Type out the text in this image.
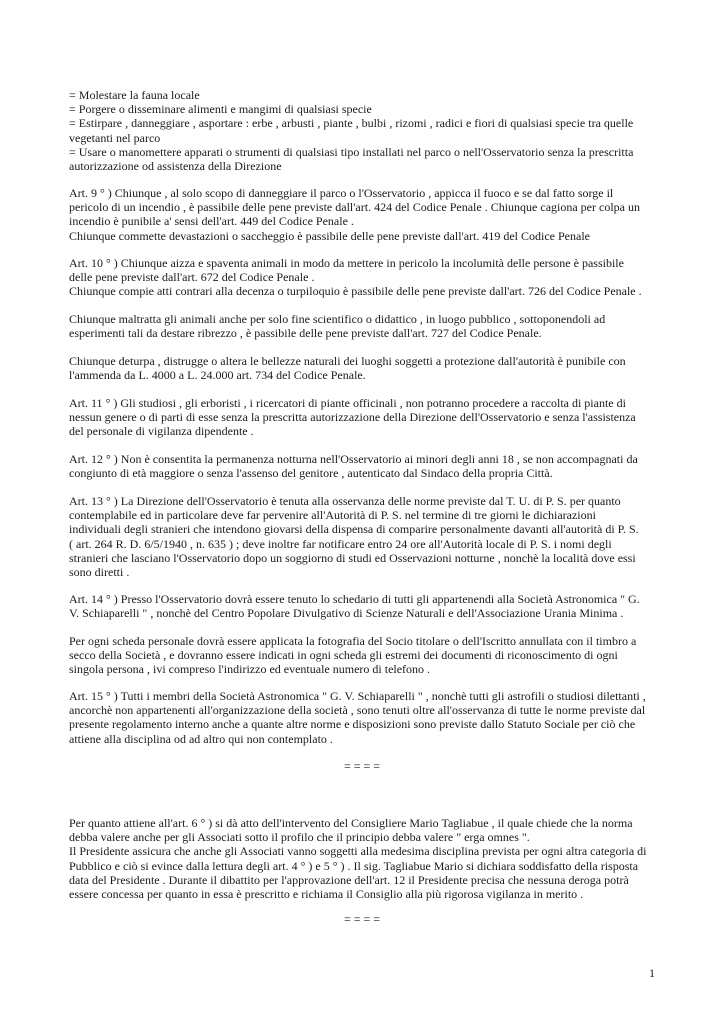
= Molestare la fauna locale
= Porgere o disseminare alimenti e mangimi di qualsiasi specie
= Estirpare , danneggiare , asportare : erbe , arbusti , piante , bulbi , rizomi , radici e fiori di qualsiasi specie tra quelle
vegetanti nel parco
= Usare o manomettere apparati o strumenti di qualsiasi tipo installati nel parco o nell'Osservatorio senza la prescritta
autorizzazione od assistenza della Direzione
Art. 9 ° ) Chiunque , al solo scopo di danneggiare il parco o l'Osservatorio , appicca il fuoco e se dal fatto sorge il
pericolo di un incendio , è passibile delle pene previste dall'art. 424 del Codice Penale . Chiunque cagiona per colpa un
incendio è punibile a' sensi dell'art. 449 del Codice Penale .
Chiunque commette devastazioni o saccheggio è passibile delle pene previste dall'art. 419 del Codice Penale
Art. 10 ° ) Chiunque aizza e spaventa animali in modo da mettere in pericolo la incolumità delle persone è passibile
delle pene previste dall'art. 672 del Codice Penale .
Chiunque compie atti contrari alla decenza o turpiloquio è passibile delle pene previste dall'art. 726 del Codice Penale .
Chiunque maltratta gli animali anche per solo fine scientifico o didattico , in luogo pubblico , sottoponendoli ad
esperimenti tali da destare ribrezzo , è passibile delle pene previste dall'art. 727 del Codice Penale.
Chiunque deturpa , distrugge o altera le bellezze naturali dei luoghi soggetti a protezione dall'autorità è punibile con
l'ammenda da L. 4000 a L. 24.000 art. 734 del Codice Penale.
Art. 11 ° ) Gli studiosi , gli erboristi , i ricercatori di piante officinali , non potranno procedere a raccolta di piante di
nessun genere o di parti di esse senza la prescritta autorizzazione della Direzione dell'Osservatorio e senza l'assistenza
del personale di vigilanza dipendente .
Art. 12 ° ) Non è consentita la permanenza notturna nell'Osservatorio ai minori degli anni 18 , se non accompagnati da
congiunto di età maggiore o senza l'assenso del genitore , autenticato dal Sindaco della propria Città.
Art. 13 ° ) La Direzione dell'Osservatorio è tenuta alla osservanza delle norme previste dal T. U. di P. S. per quanto
contemplabile ed in particolare deve far pervenire all'Autorità di P. S. nel termine di tre giorni le dichiarazioni
individuali degli stranieri che intendono giovarsi della dispensa di comparire personalmente davanti all'autorità di P. S.
( art. 264 R. D. 6/5/1940 , n. 635 ) ; deve inoltre far notificare entro 24 ore all'Autorità locale di P. S. i nomi degli
stranieri che lasciano l'Osservatorio dopo un soggiorno di studi ed Osservazioni notturne , nonchè la località dove essi
sono diretti .
Art. 14 ° ) Presso l'Osservatorio dovrà essere tenuto lo schedario di tutti gli appartenendi alla Società Astronomica " G.
V. Schiaparelli " , nonchè del Centro Popolare Divulgativo di Scienze Naturali e dell'Associazione Urania Minima .
Per ogni scheda personale dovrà essere applicata la fotografia del Socio titolare o dell'Iscritto annullata con il timbro a
secco della Società , e dovranno essere indicati in ogni scheda gli estremi dei documenti di riconoscimento di ogni
singola persona , ivi compreso l'indirizzo ed eventuale numero di telefono .
Art. 15 ° ) Tutti i membri della Società Astronomica " G. V. Schiaparelli " , nonchè tutti gli astrofili o studiosi dilettanti ,
ancorchè non appartenenti all'organizzazione della società , sono tenuti oltre all'osservanza di tutte le norme previste dal
presente regolamento interno anche a quante altre norme e disposizioni sono previste dallo Statuto Sociale per ciò che
attiene alla disciplina od ad altro qui non contemplato .
= = = =
Per quanto attiene all'art. 6 ° ) si dà atto dell'intervento del Consigliere Mario Tagliabue , il quale chiede che la norma
debba valere anche per gli Associati sotto il profilo che il principio debba valere " erga omnes ".
Il Presidente assicura che anche gli Associati vanno soggetti alla medesima disciplina prevista per ogni altra categoria di
Pubblico e ciò si evince dalla lettura degli art. 4 ° ) e 5 ° ) . Il sig. Tagliabue Mario si dichiara soddisfatto della risposta
data del Presidente . Durante il dibattito per l'approvazione dell'art. 12 il Presidente precisa che nessuna deroga potrà
essere concessa per quanto in essa è prescritto e richiama il Consiglio alla più rigorosa vigilanza in merito .
= = = =
1
